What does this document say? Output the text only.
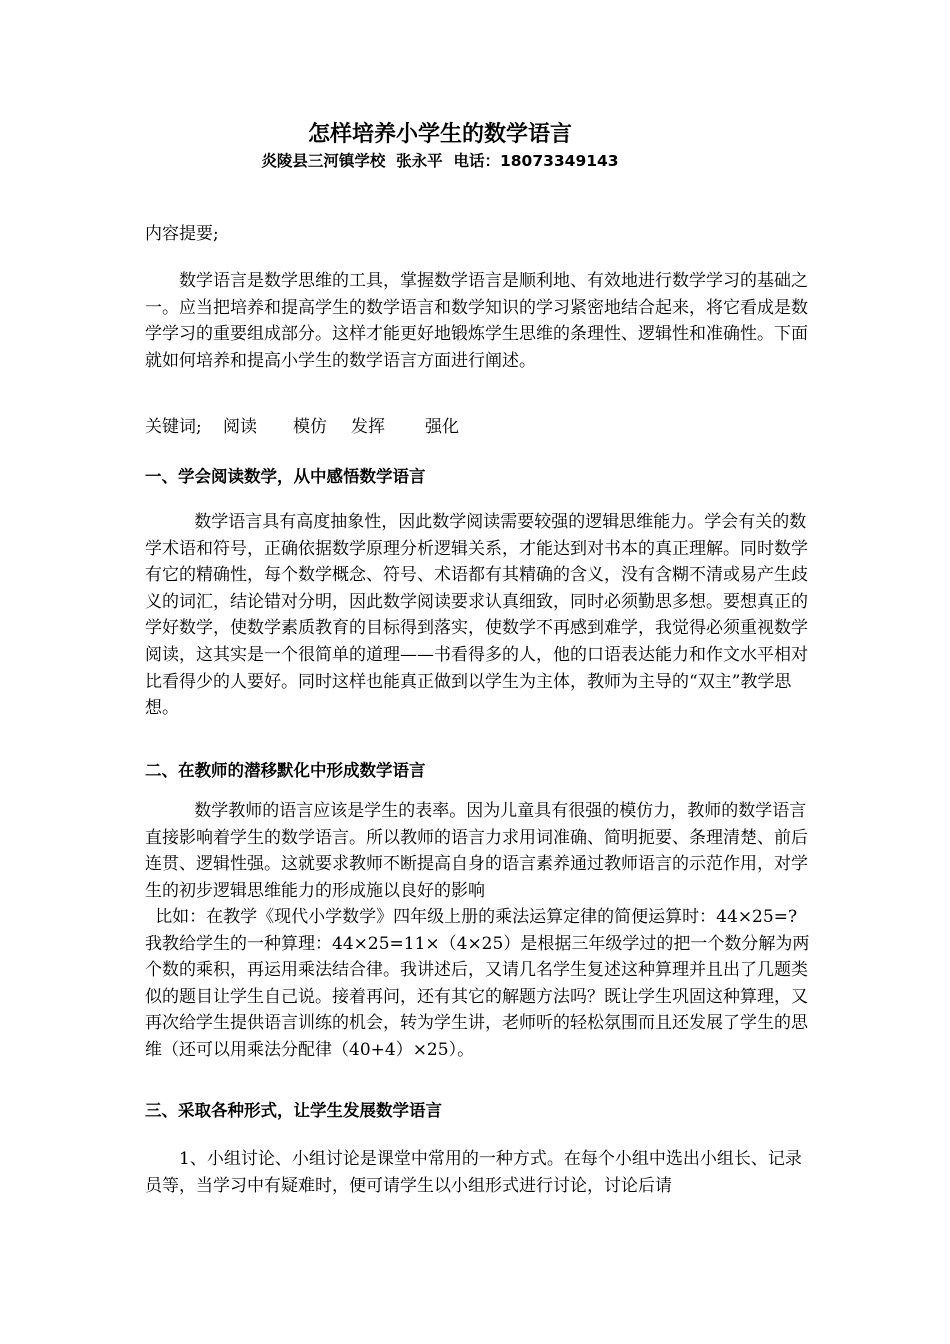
怎样培养小学生的数学语言
炎陵县三河镇学校  张永平  电话：18073349143
内容提要;
数学语言是数学思维的工具，掌握数学语言是顺利地、有效地进行数学学习的基础之一。应当把培养和提高学生的数学语言和数学知识的学习紧密地结合起来，将它看成是数学学习的重要组成部分。这样才能更好地锻炼学生思维的条理性、逻辑性和准确性。下面就如何培养和提高小学生的数学语言方面进行阐述。
关键词; 阅读 模仿 发挥 强化
一、学会阅读数学，从中感悟数学语言
数学语言具有高度抽象性，因此数学阅读需要较强的逻辑思维能力。学会有关的数学术语和符号，正确依据数学原理分析逻辑关系，才能达到对书本的真正理解。同时数学有它的精确性，每个数学概念、符号、术语都有其精确的含义，没有含糊不清或易产生歧义的词汇，结论错对分明，因此数学阅读要求认真细致，同时必须勤思多想。要想真正的学好数学，使数学素质教育的目标得到落实，使数学不再感到难学，我觉得必须重视数学阅读，这其实是一个很简单的道理——书看得多的人，他的口语表达能力和作文水平相对比看得少的人要好。同时这样也能真正做到以学生为主体，教师为主导的“双主”教学思想。
二、在教师的潜移默化中形成数学语言
数学教师的语言应该是学生的表率。因为儿童具有很强的模仿力，教师的数学语言直接影响着学生的数学语言。所以教师的语言力求用词准确、简明扼要、条理清楚、前后连贯、逻辑性强。这就要求教师不断提高自身的语言素养通过教师语言的示范作用，对学生的初步逻辑思维能力的形成施以良好的影响
比如：在教学《现代小学数学》四年级上册的乘法运算定律的简便运算时：44×25=?我教给学生的一种算理：44×25=11×（4×25）是根据三年级学过的把一个数分解为两个数的乘积，再运用乘法结合律。我讲述后，又请几名学生复述这种算理并且出了几题类似的题目让学生自己说。接着再问，还有其它的解题方法吗？既让学生巩固这种算理，又再次给学生提供语言训练的机会，转为学生讲，老师听的轻松氛围而且还发展了学生的思维（还可以用乘法分配律（40+4）×25）。
三、采取各种形式，让学生发展数学语言
1、小组讨论、小组讨论是课堂中常用的一种方式。在每个小组中选出小组长、记录员等，当学习中有疑难时，便可请学生以小组形式进行讨论，讨论后请
